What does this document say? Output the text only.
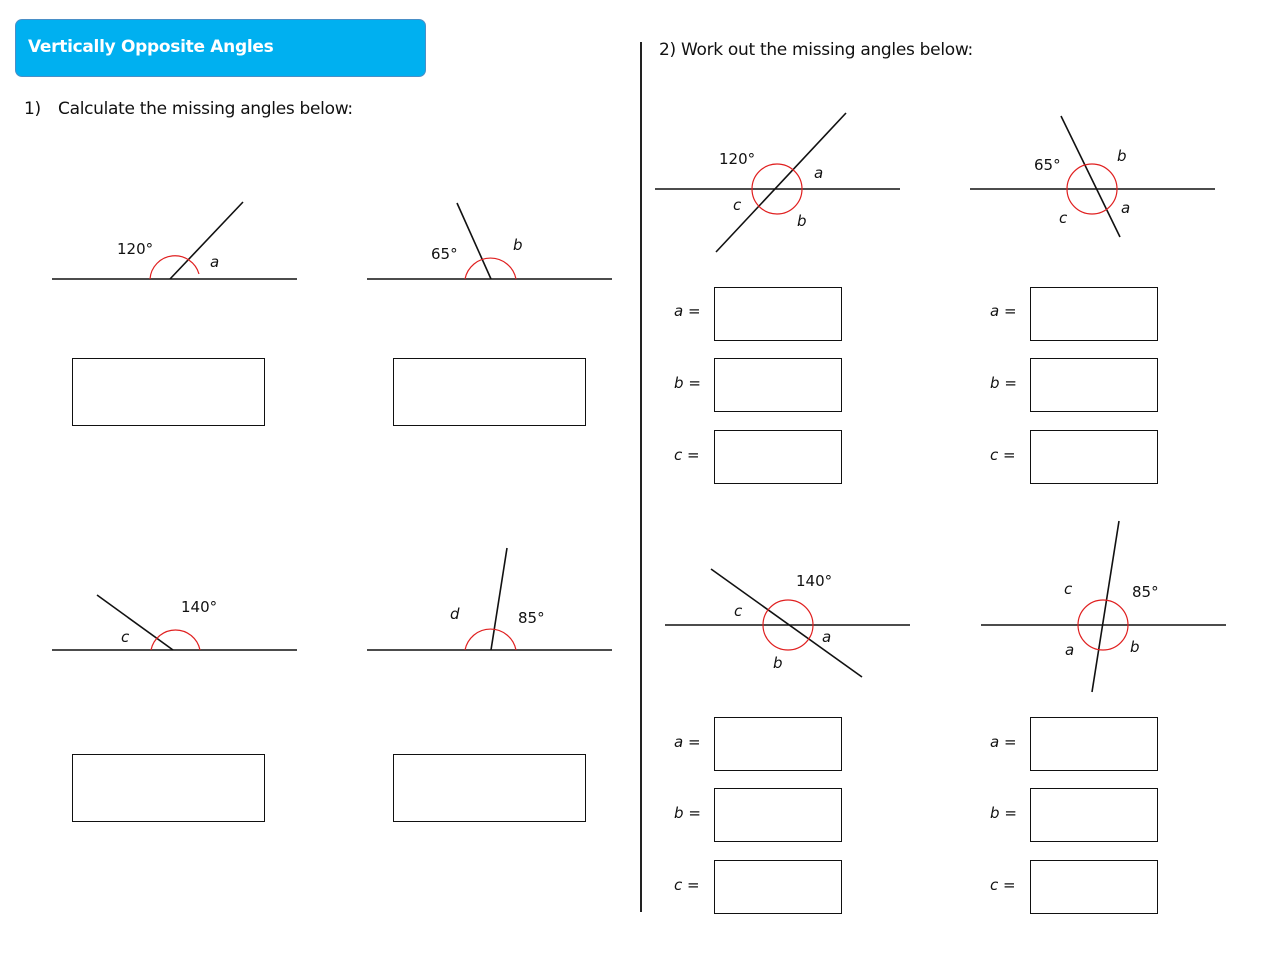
Vertically Opposite Angles
1) Calculate the missing angles below:
2) Work out the missing angles below:
120°
a	65°	b
140°
c
85°
d
120°
a
b
c
65°
a
b
c
140°
a
b
c
85°
a	b
c
a =
b =
c =
a =
b =
c =
a =
b =
c =
a =
b =
c =
